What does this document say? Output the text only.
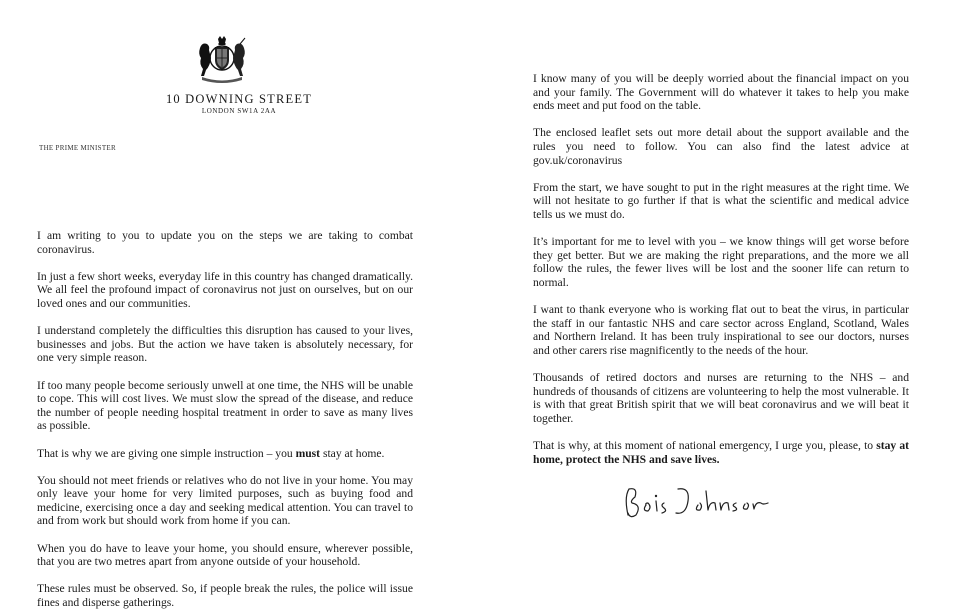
10 DOWNING STREET
LONDON SW1A 2AA
THE PRIME MINISTER

I am writing to you to update you on the steps we are taking to combat coronavirus.

In just a few short weeks, everyday life in this country has changed dramatically. We all feel the profound impact of coronavirus not just on ourselves, but on our loved ones and our communities.

I understand completely the difficulties this disruption has caused to your lives, businesses and jobs. But the action we have taken is absolutely necessary, for one very simple reason.

If too many people become seriously unwell at one time, the NHS will be unable to cope. This will cost lives. We must slow the spread of the disease, and reduce the number of people needing hospital treatment in order to save as many lives as possible.

That is why we are giving one simple instruction – you must stay at home.

You should not meet friends or relatives who do not live in your home. You may only leave your home for very limited purposes, such as buying food and medicine, exercising once a day and seeking medical attention. You can travel to and from work but should work from home if you can.

When you do have to leave your home, you should ensure, wherever possible, that you are two metres apart from anyone outside of your household.

These rules must be observed. So, if people break the rules, the police will issue fines and disperse gatherings.

I know many of you will be deeply worried about the financial impact on you and your family. The Government will do whatever it takes to help you make ends meet and put food on the table.

The enclosed leaflet sets out more detail about the support available and the rules you need to follow. You can also find the latest advice at gov.uk/coronavirus

From the start, we have sought to put in the right measures at the right time. We will not hesitate to go further if that is what the scientific and medical advice tells us we must do.

It’s important for me to level with you – we know things will get worse before they get better. But we are making the right preparations, and the more we all follow the rules, the fewer lives will be lost and the sooner life can return to normal.

I want to thank everyone who is working flat out to beat the virus, in particular the staff in our fantastic NHS and care sector across England, Scotland, Wales and Northern Ireland. It has been truly inspirational to see our doctors, nurses and other carers rise magnificently to the needs of the hour.

Thousands of retired doctors and nurses are returning to the NHS – and hundreds of thousands of citizens are volunteering to help the most vulnerable. It is with that great British spirit that we will beat coronavirus and we will beat it together.

That is why, at this moment of national emergency, I urge you, please, to stay at home, protect the NHS and save lives.
